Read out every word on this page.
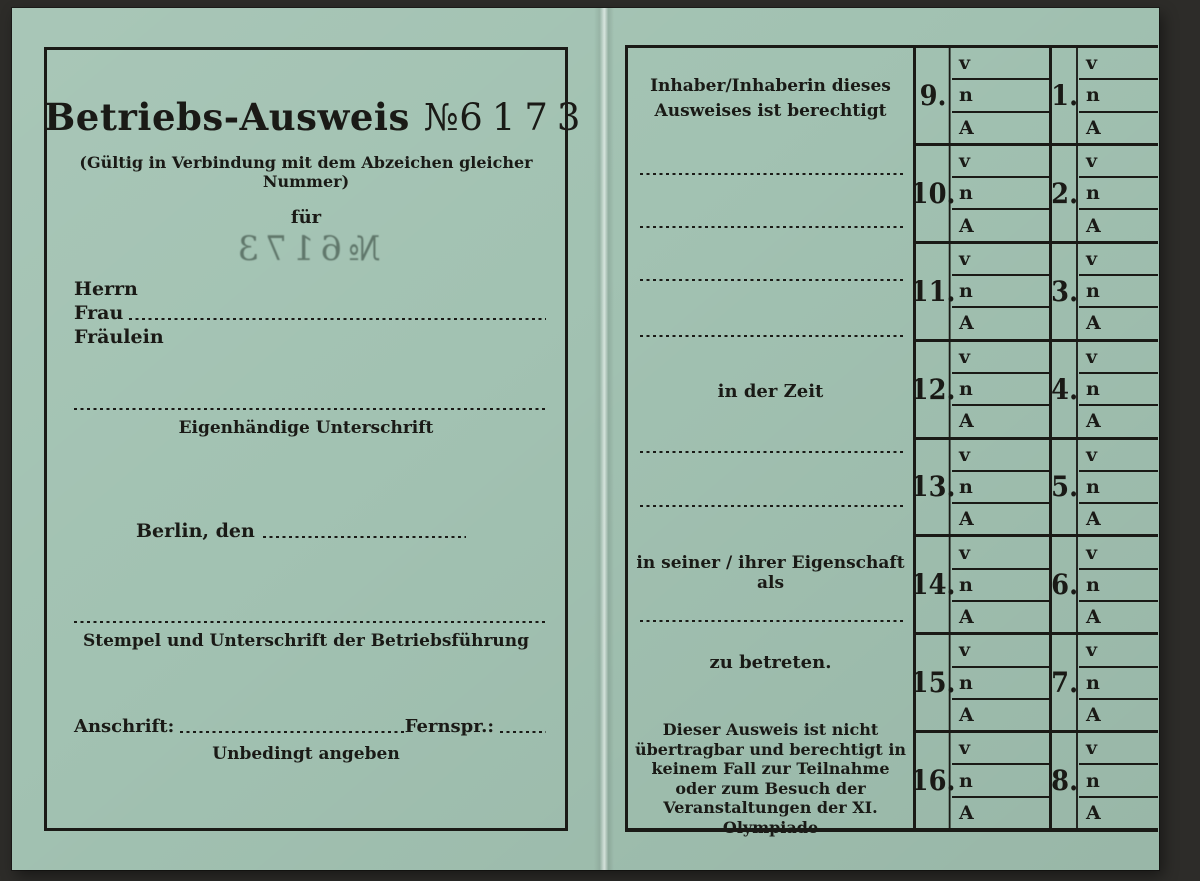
Betriebs-Ausweis №6173
(Gültig in Verbindung mit dem Abzeichen gleicher Nummer)
für
№6173
Herrn
Frau
Fräulein
Eigenhändige Unterschrift
Berlin, den
Stempel und Unterschrift der Betriebsführung
Anschrift:	Fernspr.:
Unbedingt angeben
Inhaber/Inhaberin dieses Ausweises ist berechtigt
in der Zeit
in seiner / ihrer Eigenschaft als
zu betreten.
Dieser Ausweis ist nicht übertragbar und berechtigt in keinem Fall zur Teilnahme oder zum Besuch der Veranstaltungen der XI. Olympiade
9.
v
n
A
1.
v
n
A
10.
v
n
A
2.
v
n
A
11.
v
n
A
3.
v
n
A
12.
v
n
A
4.
v
n
A
13.
v
n
A
5.
v
n
A
14.
v
n
A
6.
v
n
A
15.
v
n
A
7.
v
n
A
16.
v
n
A
8.
v
n
A
